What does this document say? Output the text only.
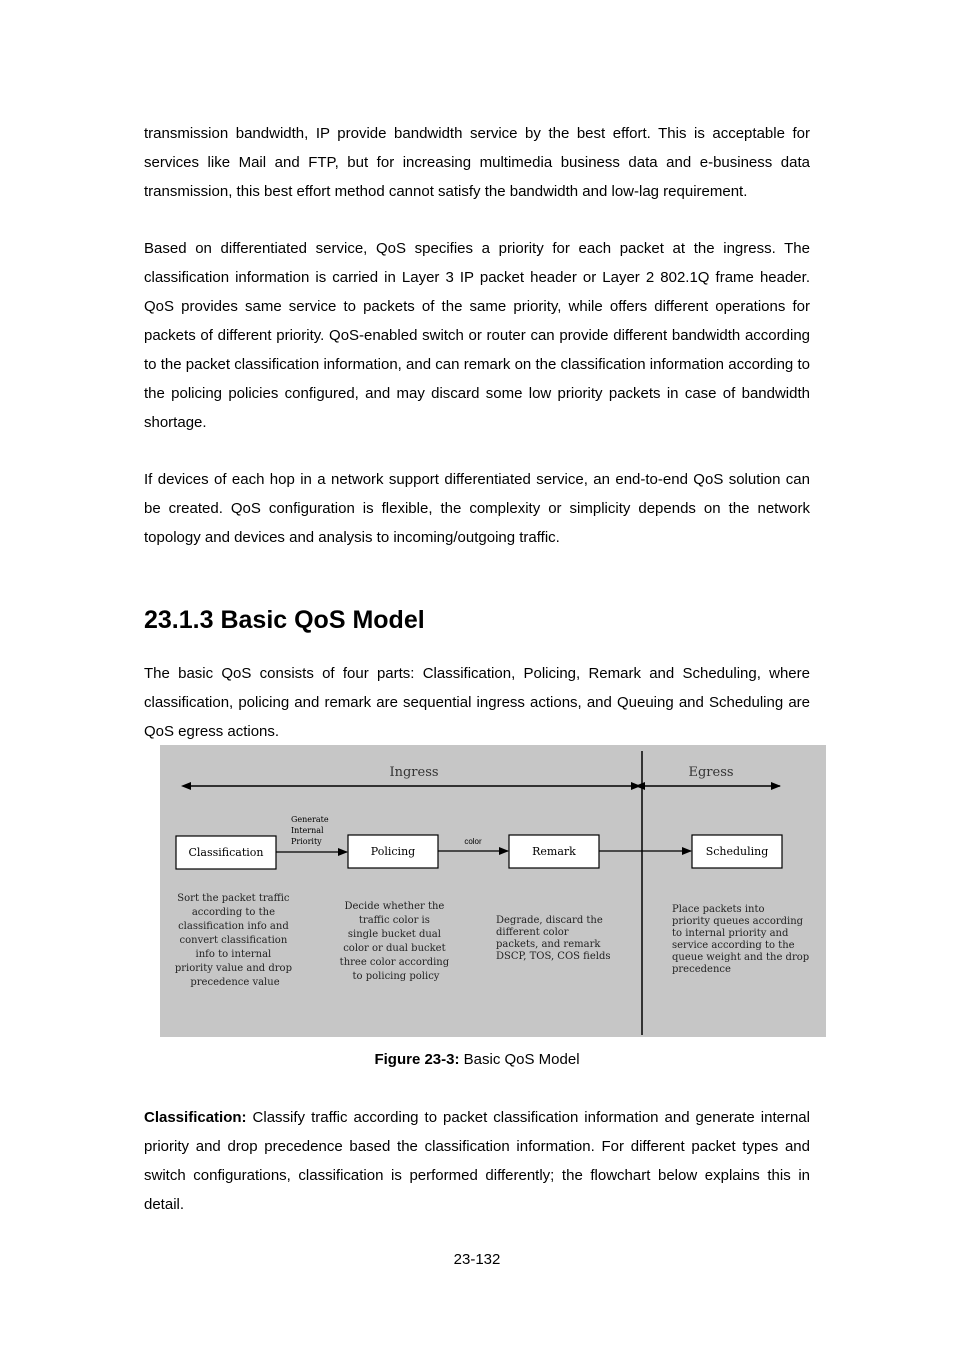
transmission bandwidth, IP provide bandwidth service by the best effort. This is acceptable for services like Mail and FTP, but for increasing multimedia business data and e-business data transmission, this best effort method cannot satisfy the bandwidth and low-lag requirement.

Based on differentiated service, QoS specifies a priority for each packet at the ingress. The classification information is carried in Layer 3 IP packet header or Layer 2 802.1Q frame header. QoS provides same service to packets of the same priority, while offers different operations for packets of different priority. QoS-enabled switch or router can provide different bandwidth according to the packet classification information, and can remark on the classification information according to the policing policies configured, and may discard some low priority packets in case of bandwidth shortage.

If devices of each hop in a network support differentiated service, an end-to-end QoS solution can be created. QoS configuration is flexible, the complexity or simplicity depends on the network topology and devices and analysis to incoming/outgoing traffic.

23.1.3 Basic QoS Model

The basic QoS consists of four parts: Classification, Policing, Remark and Scheduling, where classification, policing and remark are sequential ingress actions, and Queuing and Scheduling are QoS egress actions.

Ingress	Egress
Classification	Policing	Remark	Scheduling
Generate Internal Priority	color
Sort the packet traffic according to the classification info and convert classification info to internal priority value and drop precedence value
Decide whether the traffic color is single bucket dual color or dual bucket three color according to policing policy
Degrade, discard the different color packets, and remark DSCP, TOS, COS fields
Place packets into priority queues according to internal priority and service according to the queue weight and the drop precedence

Figure 23-3: Basic QoS Model

Classification: Classify traffic according to packet classification information and generate internal priority and drop precedence based the classification information. For different packet types and switch configurations, classification is performed differently; the flowchart below explains this in detail.

23-132
